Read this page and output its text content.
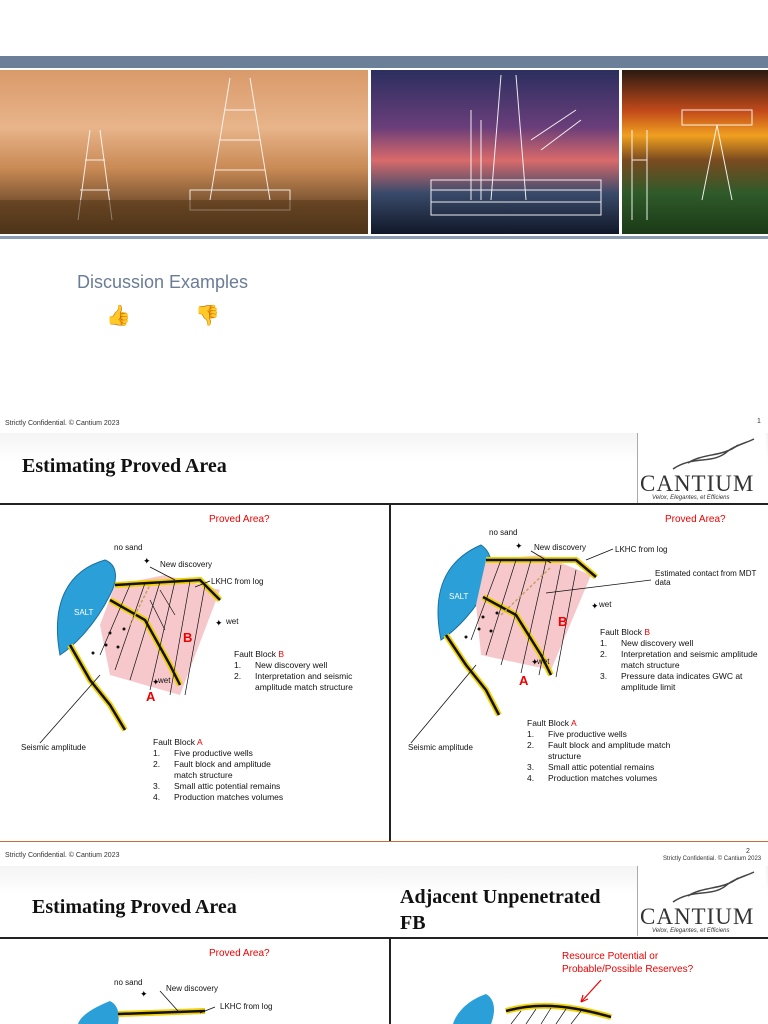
Discussion Examples
👍	👎
Strictly Confidential. © Cantium 2023	1
Estimating Proved Area
CANTIUM
Velox, Elegantes, et Efficiens
Proved Area?
✦
✦
✦
no sand
New discovery
LKHC from log
SALT
wet
wet
B
A
Seismic amplitude
Fault Block B
1.	New discovery well
2.	Interpretation and seismic amplitude match structure
Fault Block A
1.	Five productive wells
2.	Fault block and amplitude match structure
3.	Small attic potential remains
4.	Production matches volumes
Proved Area?
✦
✦
✦
no sand
New discovery	LKHC from log
Estimated contact from MDT data
SALT
wet
wet
B
A
Seismic amplitude
Fault Block B
1.	New discovery well
2.	Interpretation and seismic amplitude match structure
3.	Pressure data indicates GWC at amplitude limit
Fault Block A
1.	Five productive wells
2.	Fault block and amplitude match structure
3.	Small attic potential remains
4.	Production matches volumes
Strictly Confidential. © Cantium 2023
2
Strictly Confidential. © Cantium 2023
Estimating Proved Area	Adjacent Unpenetrated FB	CANTIUM
Velox, Elegantes, et Efficiens
Proved Area?
no sand
New discovery
LKHC from log
✦
Resource Potential or Probable/Possible Reserves?
